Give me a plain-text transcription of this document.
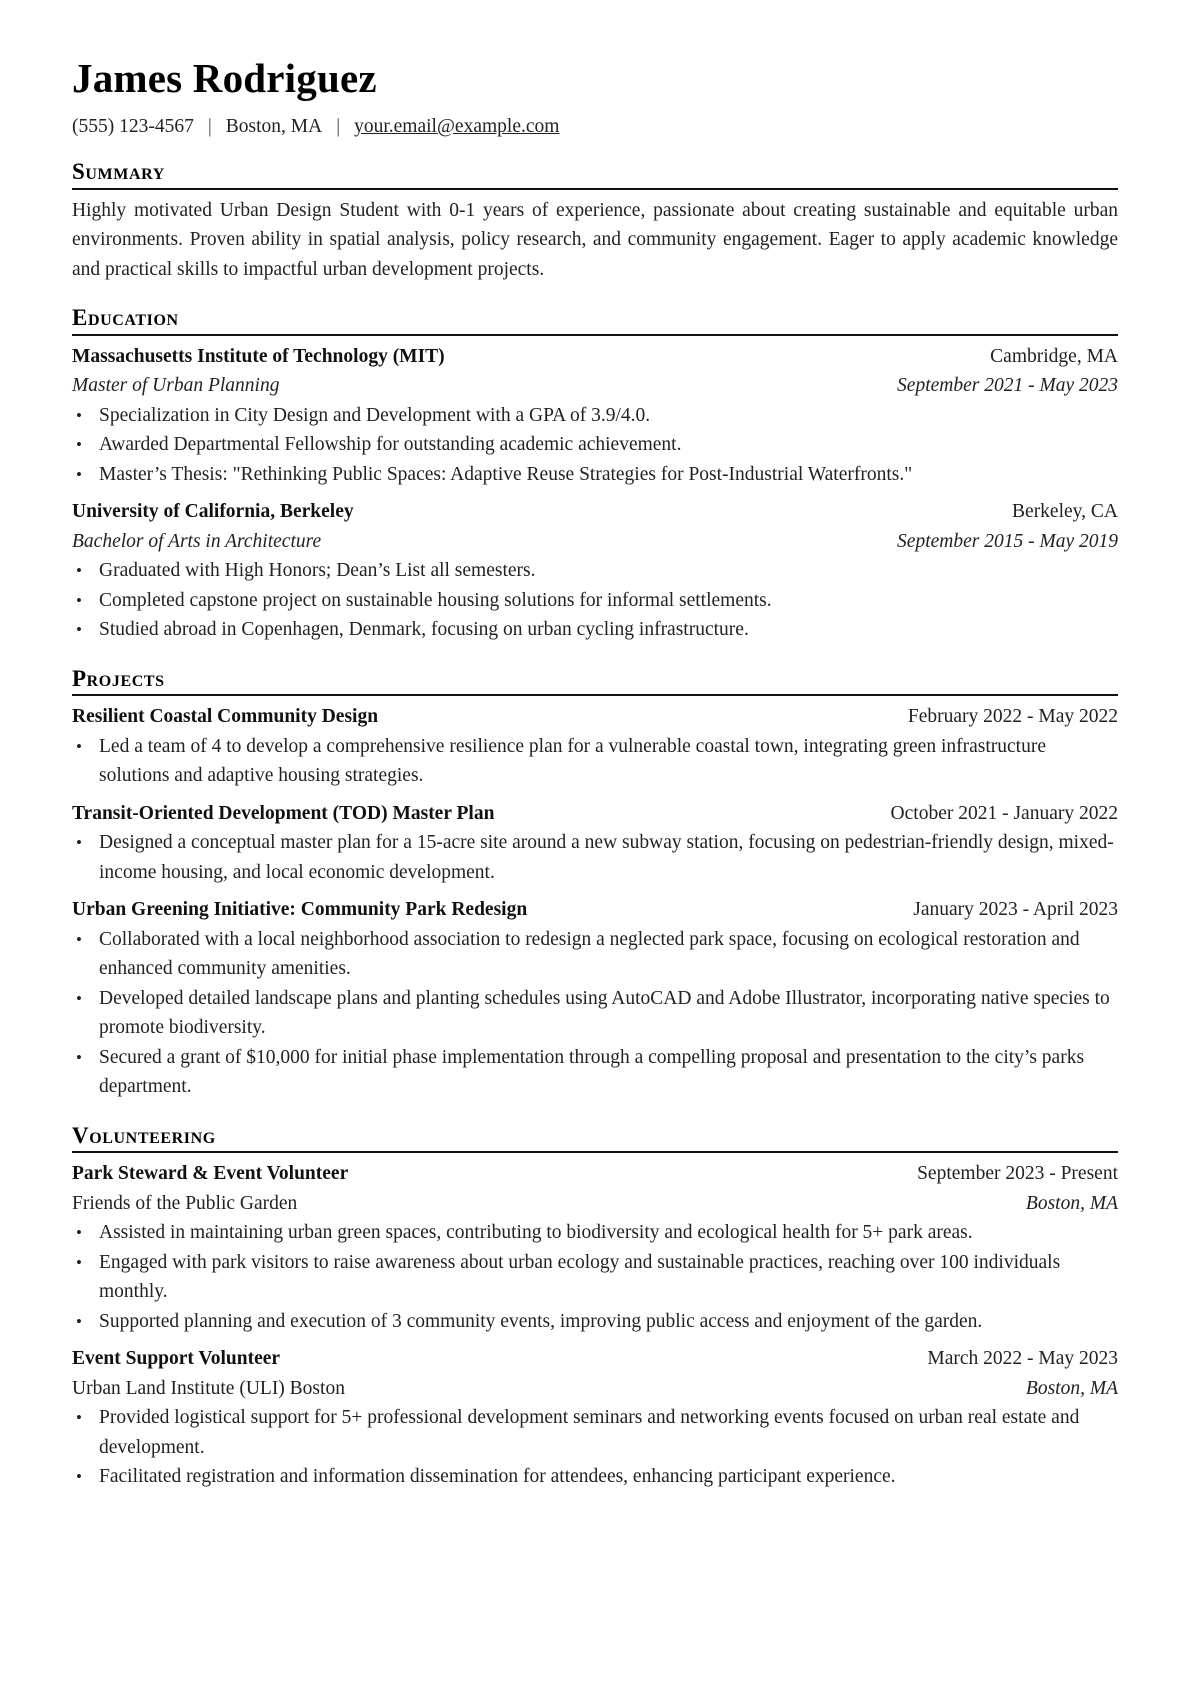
James Rodriguez
(555) 123-4567 | Boston, MA | your.email@example.com
Summary
Highly motivated Urban Design Student with 0-1 years of experience, passionate about creating sustainable and equitable urban environments. Proven ability in spatial analysis, policy research, and community engagement. Eager to apply academic knowledge and practical skills to impactful urban development projects.
Education
Massachusetts Institute of Technology (MIT)	Cambridge, MA
Master of Urban Planning	September 2021 - May 2023
• Specialization in City Design and Development with a GPA of 3.9/4.0.
• Awarded Departmental Fellowship for outstanding academic achievement.
• Master’s Thesis: "Rethinking Public Spaces: Adaptive Reuse Strategies for Post-Industrial Waterfronts."
University of California, Berkeley	Berkeley, CA
Bachelor of Arts in Architecture	September 2015 - May 2019
• Graduated with High Honors; Dean’s List all semesters.
• Completed capstone project on sustainable housing solutions for informal settlements.
• Studied abroad in Copenhagen, Denmark, focusing on urban cycling infrastructure.
Projects
Resilient Coastal Community Design	February 2022 - May 2022
• Led a team of 4 to develop a comprehensive resilience plan for a vulnerable coastal town, integrating green infrastructure solutions and adaptive housing strategies.
Transit-Oriented Development (TOD) Master Plan	October 2021 - January 2022
• Designed a conceptual master plan for a 15-acre site around a new subway station, focusing on pedestrian-friendly design, mixed-income housing, and local economic development.
Urban Greening Initiative: Community Park Redesign	January 2023 - April 2023
• Collaborated with a local neighborhood association to redesign a neglected park space, focusing on ecological restoration and enhanced community amenities.
• Developed detailed landscape plans and planting schedules using AutoCAD and Adobe Illustrator, incorporating native species to promote biodiversity.
• Secured a grant of $10,000 for initial phase implementation through a compelling proposal and presentation to the city’s parks department.
Volunteering
Park Steward & Event Volunteer	September 2023 - Present
Friends of the Public Garden	Boston, MA
• Assisted in maintaining urban green spaces, contributing to biodiversity and ecological health for 5+ park areas.
• Engaged with park visitors to raise awareness about urban ecology and sustainable practices, reaching over 100 individuals monthly.
• Supported planning and execution of 3 community events, improving public access and enjoyment of the garden.
Event Support Volunteer	March 2022 - May 2023
Urban Land Institute (ULI) Boston	Boston, MA
• Provided logistical support for 5+ professional development seminars and networking events focused on urban real estate and development.
• Facilitated registration and information dissemination for attendees, enhancing participant experience.
